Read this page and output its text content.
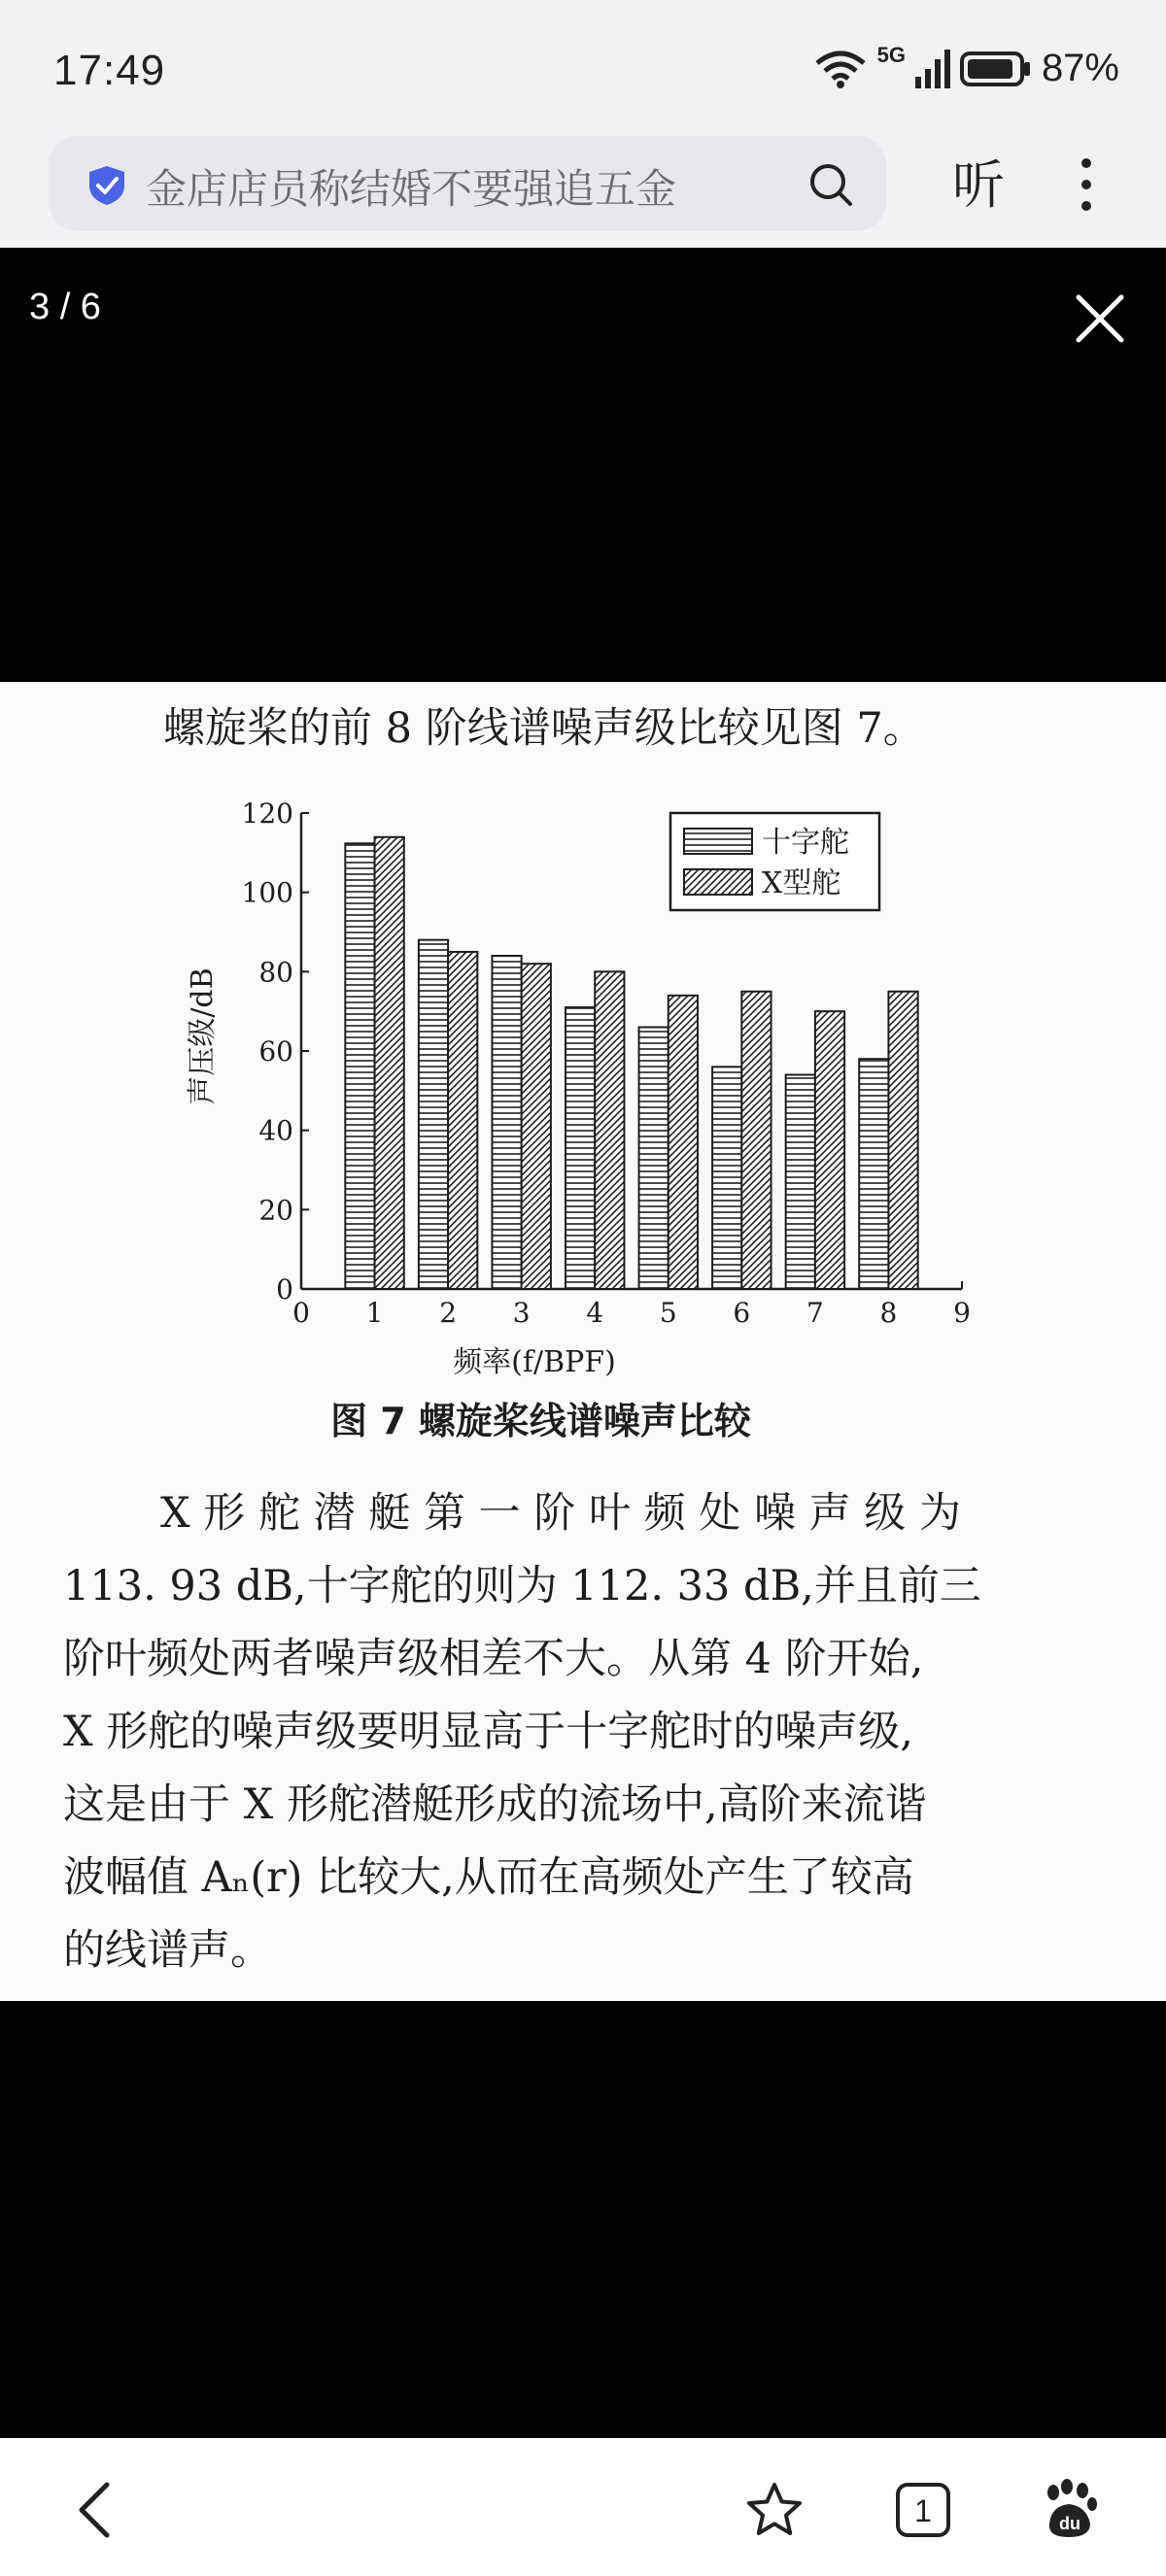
17:49	5G	87%
金店店员称结婚不要强追五金	听
3 / 6
螺旋桨的前 8 阶线谱噪声级比较见图 7。
0
20
40
60
80
100
120
0 1 2 3 4 5 6 7 8 9
十字舵
X型舵
声压级/dB
频率(f/BPF)
图 7 螺旋桨线谱噪声比较
X 形 舵 潜 艇 第 一 阶 叶 频 处 噪 声 级 为
113. 93 dB,十字舵的则为 112. 33 dB,并且前三
阶叶频处两者噪声级相差不大。从第 4 阶开始,
X 形舵的噪声级要明显高于十字舵时的噪声级,
这是由于 X 形舵潜艇形成的流场中,高阶来流谐
波幅值 Aₙ(r) 比较大,从而在高频处产生了较高
的线谱声。
1	du
